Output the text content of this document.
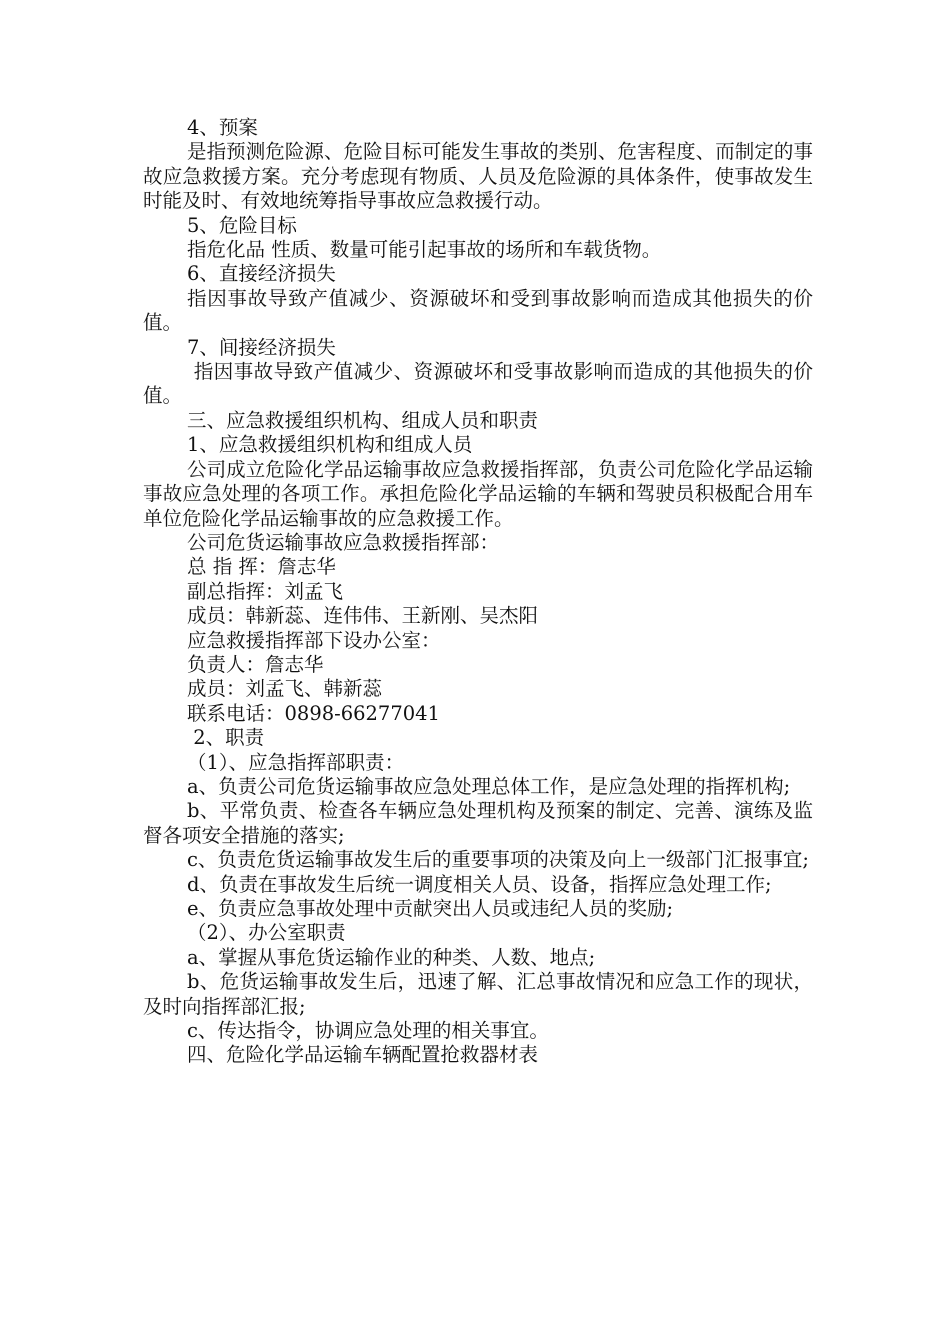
4、预案

是指预测危险源、危险目标可能发生事故的类别、危害程度、而制定的事故应急救援方案。充分考虑现有物质、人员及危险源的具体条件，使事故发生时能及时、有效地统筹指导事故应急救援行动。

5、危险目标

指危化品 性质、数量可能引起事故的场所和车载货物。

6、直接经济损失

指因事故导致产值减少、资源破坏和受到事故影响而造成其他损失的价值。

7、间接经济损失

指因事故导致产值减少、资源破坏和受事故影响而造成的其他损失的价值。

三、应急救援组织机构、组成人员和职责

1、应急救援组织机构和组成人员

公司成立危险化学品运输事故应急救援指挥部，负责公司危险化学品运输事故应急处理的各项工作。承担危险化学品运输的车辆和驾驶员积极配合用车单位危险化学品运输事故的应急救援工作。

公司危货运输事故应急救援指挥部：

总 指 挥：詹志华

副总指挥：刘孟飞

成员：韩新蕊、连伟伟、王新刚、吴杰阳

应急救援指挥部下设办公室：

负责人：詹志华

成员：刘孟飞、韩新蕊

联系电话：0898-66277041

2、职责

（1）、应急指挥部职责：

a、负责公司危货运输事故应急处理总体工作，是应急处理的指挥机构;

b、平常负责、检查各车辆应急处理机构及预案的制定、完善、演练及监督各项安全措施的落实;

c、负责危货运输事故发生后的重要事项的决策及向上一级部门汇报事宜;

d、负责在事故发生后统一调度相关人员、设备，指挥应急处理工作;

e、负责应急事故处理中贡献突出人员或违纪人员的奖励;

（2）、办公室职责

a、掌握从事危货运输作业的种类、人数、地点;

b、危货运输事故发生后，迅速了解、汇总事故情况和应急工作的现状，及时向指挥部汇报;

c、传达指令，协调应急处理的相关事宜。

四、危险化学品运输车辆配置抢救器材表
